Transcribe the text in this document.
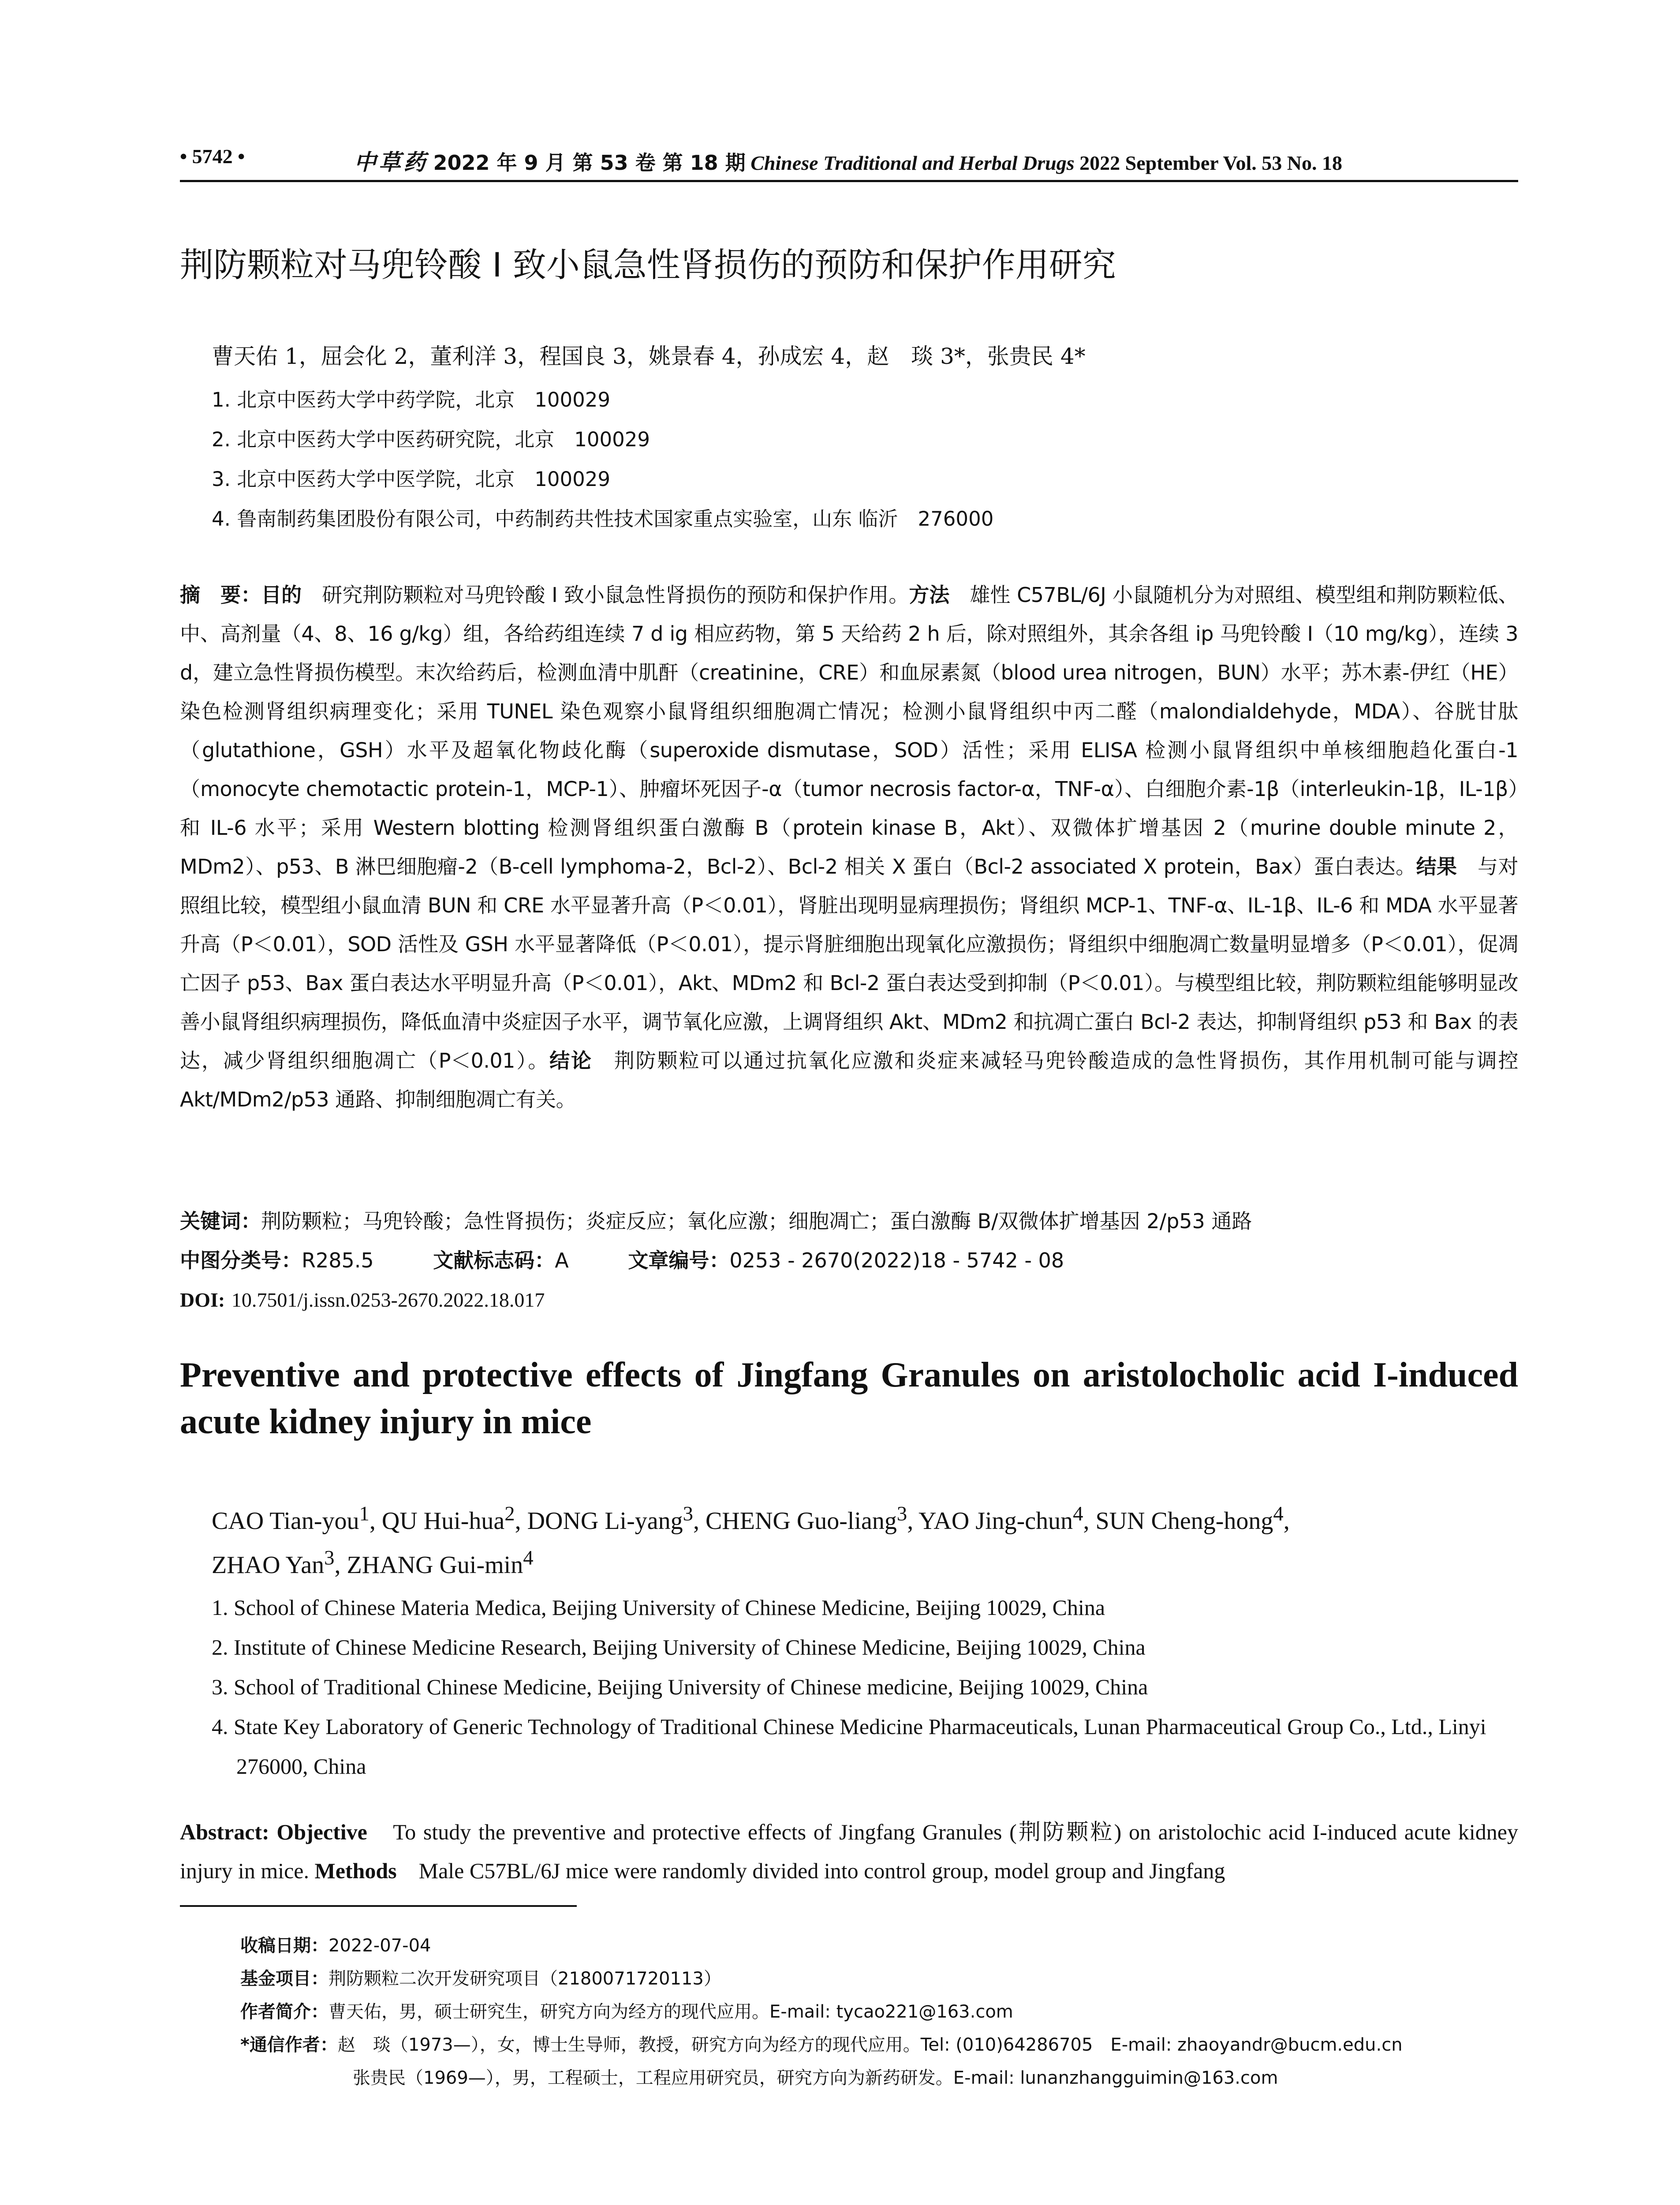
• 5742 •	中草药 2022 年 9 月 第 53 卷 第 18 期 Chinese Traditional and Herbal Drugs 2022 September Vol. 53 No. 18
荆防颗粒对马兜铃酸 I 致小鼠急性肾损伤的预防和保护作用研究
曹天佑 1，屈会化 2，董利洋 3，程国良 3，姚景春 4，孙成宏 4，赵　琰 3*，张贵民 4*
1. 北京中医药大学中药学院，北京　100029
2. 北京中医药大学中医药研究院，北京　100029
3. 北京中医药大学中医学院，北京　100029
4. 鲁南制药集团股份有限公司，中药制药共性技术国家重点实验室，山东 临沂　276000
摘　要：目的　研究荆防颗粒对马兜铃酸 I 致小鼠急性肾损伤的预防和保护作用。方法　雄性 C57BL/6J 小鼠随机分为对照组、模型组和荆防颗粒低、中、高剂量（4、8、16 g/kg）组，各给药组连续 7 d ig 相应药物，第 5 天给药 2 h 后，除对照组外，其余各组 ip 马兜铃酸 I（10 mg/kg），连续 3 d，建立急性肾损伤模型。末次给药后，检测血清中肌酐（creatinine，CRE）和血尿素氮（blood urea nitrogen，BUN）水平；苏木素-伊红（HE）染色检测肾组织病理变化；采用 TUNEL 染色观察小鼠肾组织细胞凋亡情况；检测小鼠肾组织中丙二醛（malondialdehyde，MDA）、谷胱甘肽（glutathione，GSH）水平及超氧化物歧化酶（superoxide dismutase，SOD）活性；采用 ELISA 检测小鼠肾组织中单核细胞趋化蛋白-1（monocyte chemotactic protein-1，MCP-1）、肿瘤坏死因子-α（tumor necrosis factor-α，TNF-α）、白细胞介素-1β（interleukin-1β，IL-1β）和 IL-6 水平；采用 Western blotting 检测肾组织蛋白激酶 B（protein kinase B，Akt）、双微体扩增基因 2（murine double minute 2，MDm2）、p53、B 淋巴细胞瘤-2（B-cell lymphoma-2，Bcl-2）、Bcl-2 相关 X 蛋白（Bcl-2 associated X protein，Bax）蛋白表达。结果　与对照组比较，模型组小鼠血清 BUN 和 CRE 水平显著升高（P＜0.01），肾脏出现明显病理损伤；肾组织 MCP-1、TNF-α、IL-1β、IL-6 和 MDA 水平显著升高（P＜0.01），SOD 活性及 GSH 水平显著降低（P＜0.01），提示肾脏细胞出现氧化应激损伤；肾组织中细胞凋亡数量明显增多（P＜0.01），促凋亡因子 p53、Bax 蛋白表达水平明显升高（P＜0.01），Akt、MDm2 和 Bcl-2 蛋白表达受到抑制（P＜0.01）。与模型组比较，荆防颗粒组能够明显改善小鼠肾组织病理损伤，降低血清中炎症因子水平，调节氧化应激，上调肾组织 Akt、MDm2 和抗凋亡蛋白 Bcl-2 表达，抑制肾组织 p53 和 Bax 的表达，减少肾组织细胞凋亡（P＜0.01）。结论　荆防颗粒可以通过抗氧化应激和炎症来减轻马兜铃酸造成的急性肾损伤，其作用机制可能与调控 Akt/MDm2/p53 通路、抑制细胞凋亡有关。
关键词：荆防颗粒；马兜铃酸；急性肾损伤；炎症反应；氧化应激；细胞凋亡；蛋白激酶 B/双微体扩增基因 2/p53 通路
中图分类号：R285.5	文献标志码：A	文章编号：0253 - 2670(2022)18 - 5742 - 08
DOI: 10.7501/j.issn.0253-2670.2022.18.017
Preventive and protective effects of Jingfang Granules on aristolocholic acid I-induced acute kidney injury in mice
CAO Tian-you$^1$, QU Hui-hua$^2$, DONG Li-yang$^3$, CHENG Guo-liang$^3$, YAO Jing-chun$^4$, SUN Cheng-hong$^4$,
ZHAO Yan$^3$, ZHANG Gui-$\min^4$
1. School of Chinese Materia Medica, Beijing University of Chinese Medicine, Beijing 10029, China
2. Institute of Chinese Medicine Research, Beijing University of Chinese Medicine, Beijing 10029, China
3. School of Traditional Chinese Medicine, Beijing University of Chinese medicine, Beijing 10029, China
4. State Key Laboratory of Generic Technology of Traditional Chinese Medicine Pharmaceuticals, Lunan Pharmaceutical Group Co., Ltd., Linyi 276000, China
Abstract: Objective　To study the preventive and protective effects of Jingfang Granules (荆防颗粒) on aristolochic acid I-induced acute kidney injury in mice. Methods　Male C57BL/6J mice were randomly divided into control group, model group and Jingfang
收稿日期：2022-07-04
基金项目：荆防颗粒二次开发研究项目（2180071720113）
作者简介：曹天佑，男，硕士研究生，研究方向为经方的现代应用。E-mail: tycao221@163.com
*通信作者：赵　琰（1973—），女，博士生导师，教授，研究方向为经方的现代应用。Tel: (010)64286705　E-mail: zhaoyandr@bucm.edu.cn
张贵民（1969—），男，工程硕士，工程应用研究员，研究方向为新药研发。E-mail: lunanzhangguimin@163.com
